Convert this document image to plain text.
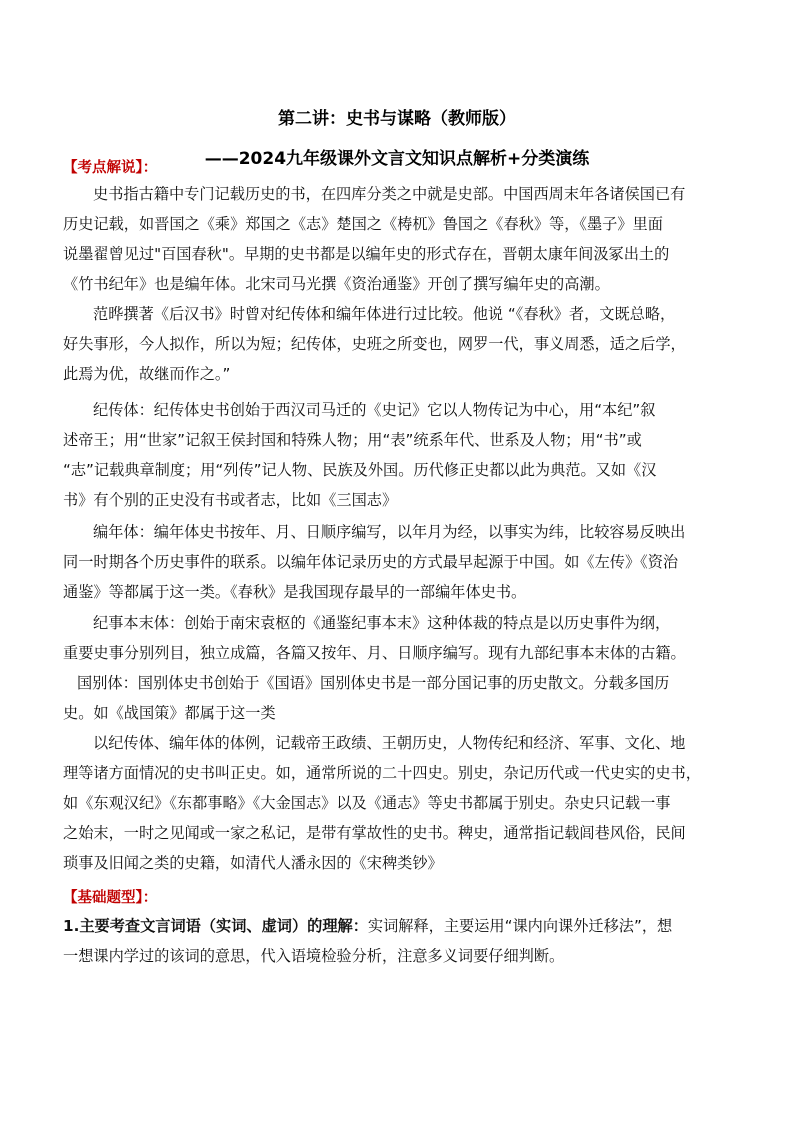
第二讲：史书与谋略（教师版）
——2024九年级课外文言文知识点解析+分类演练
【考点解说】：
史书指古籍中专门记载历史的书，在四库分类之中就是史部。中国西周末年各诸侯国已有
历史记载，如晋国之《乘》郑国之《志》楚国之《梼杌》鲁国之《春秋》等，《墨子》里面
说墨翟曾见过"百国春秋"。早期的史书都是以编年史的形式存在，晋朝太康年间汲冢出土的
《竹书纪年》也是编年体。北宋司马光撰《资治通鉴》开创了撰写编年史的高潮。
范晔撰著《后汉书》时曾对纪传体和编年体进行过比较。他说 “《春秋》者，文既总略，
好失事形，今人拟作，所以为短；纪传体，史班之所变也，网罗一代，事义周悉，适之后学，
此焉为优，故继而作之。”
纪传体：纪传体史书创始于西汉司马迁的《史记》它以人物传记为中心，用“本纪”叙
述帝王；用“世家”记叙王侯封国和特殊人物；用“表”统系年代、世系及人物；用“书”或
“志”记载典章制度；用“列传”记人物、民族及外国。历代修正史都以此为典范。又如《汉
书》有个别的正史没有书或者志，比如《三国志》
编年体：编年体史书按年、月、日顺序编写，以年月为经，以事实为纬，比较容易反映出
同一时期各个历史事件的联系。以编年体记录历史的方式最早起源于中国。如《左传》《资治
通鉴》等都属于这一类。《春秋》是我国现存最早的一部编年体史书。
纪事本末体：创始于南宋袁枢的《通鉴纪事本末》这种体裁的特点是以历史事件为纲，
重要史事分别列目，独立成篇，各篇又按年、月、日顺序编写。现有九部纪事本末体的古籍。
国别体：国别体史书创始于《国语》国别体史书是一部分国记事的历史散文。分载多国历
史。如《战国策》都属于这一类
以纪传体、编年体的体例，记载帝王政绩、王朝历史，人物传纪和经济、军事、文化、地
理等诸方面情况的史书叫正史。如，通常所说的二十四史。别史，杂记历代或一代史实的史书，
如《东观汉纪》《东都事略》《大金国志》以及《通志》等史书都属于别史。杂史只记载一事
之始末，一时之见闻或一家之私记，是带有掌故性的史书。稗史，通常指记载闾巷风俗，民间
琐事及旧闻之类的史籍，如清代人潘永因的《宋稗类钞》
【基础题型】：
1.主要考查文言词语（实词、虚词）的理解：实词解释，主要运用“课内向课外迁移法”，想
一想课内学过的该词的意思，代入语境检验分析，注意多义词要仔细判断。
